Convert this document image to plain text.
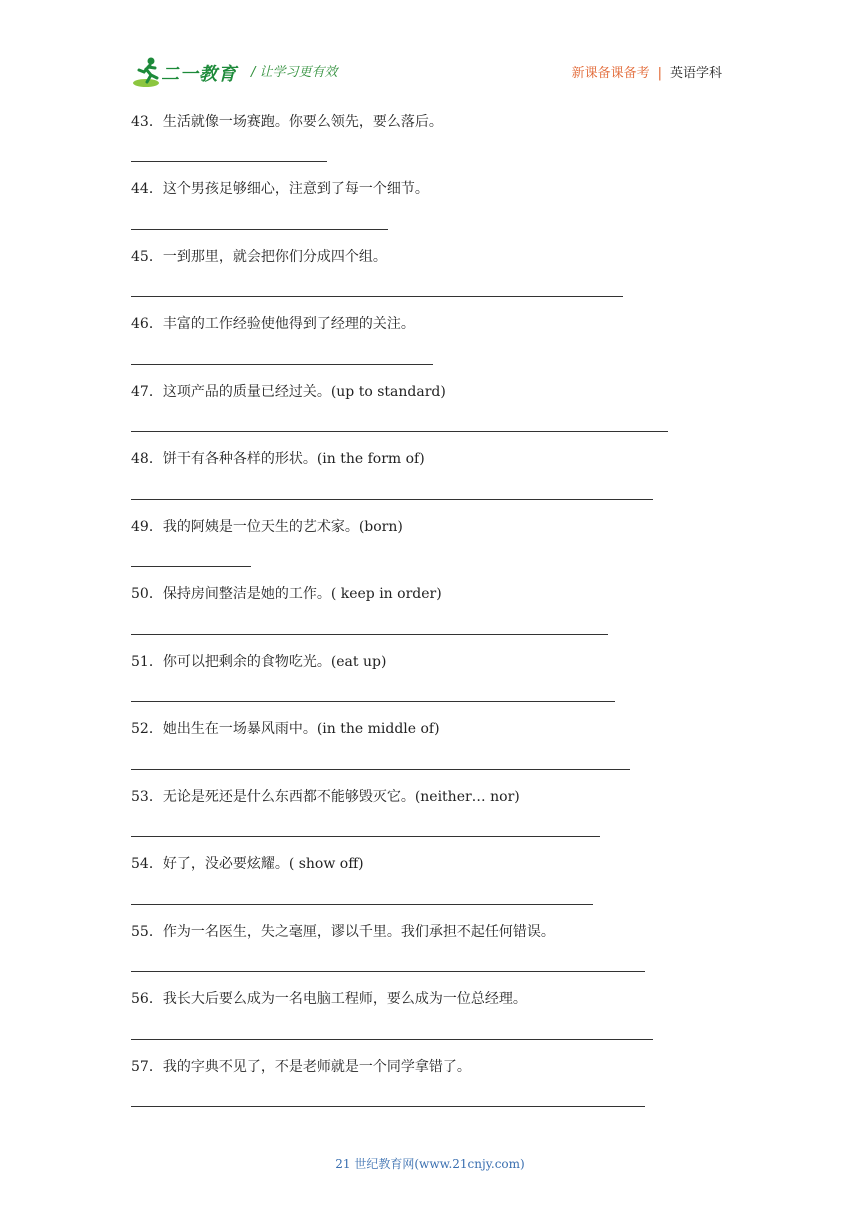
二一教育 / 让学习更有效	新课备课备考 | 英语学科
43．生活就像一场赛跑。你要么领先，要么落后。
44．这个男孩足够细心，注意到了每一个细节。
45．一到那里，就会把你们分成四个组。
46．丰富的工作经验使他得到了经理的关注。
47．这项产品的质量已经过关。(up to standard)
48．饼干有各种各样的形状。(in the form of)
49．我的阿姨是一位天生的艺术家。(born)
50．保持房间整洁是她的工作。( keep in order)
51．你可以把剩余的食物吃光。(eat up)
52．她出生在一场暴风雨中。(in the middle of)
53．无论是死还是什么东西都不能够毁灭它。(neither… nor)
54．好了，没必要炫耀。( show off)
55．作为一名医生，失之毫厘，谬以千里。我们承担不起任何错误。
56．我长大后要么成为一名电脑工程师，要么成为一位总经理。
57．我的字典不见了，不是老师就是一个同学拿错了。
21 世纪教育网(www.21cnjy.com)
